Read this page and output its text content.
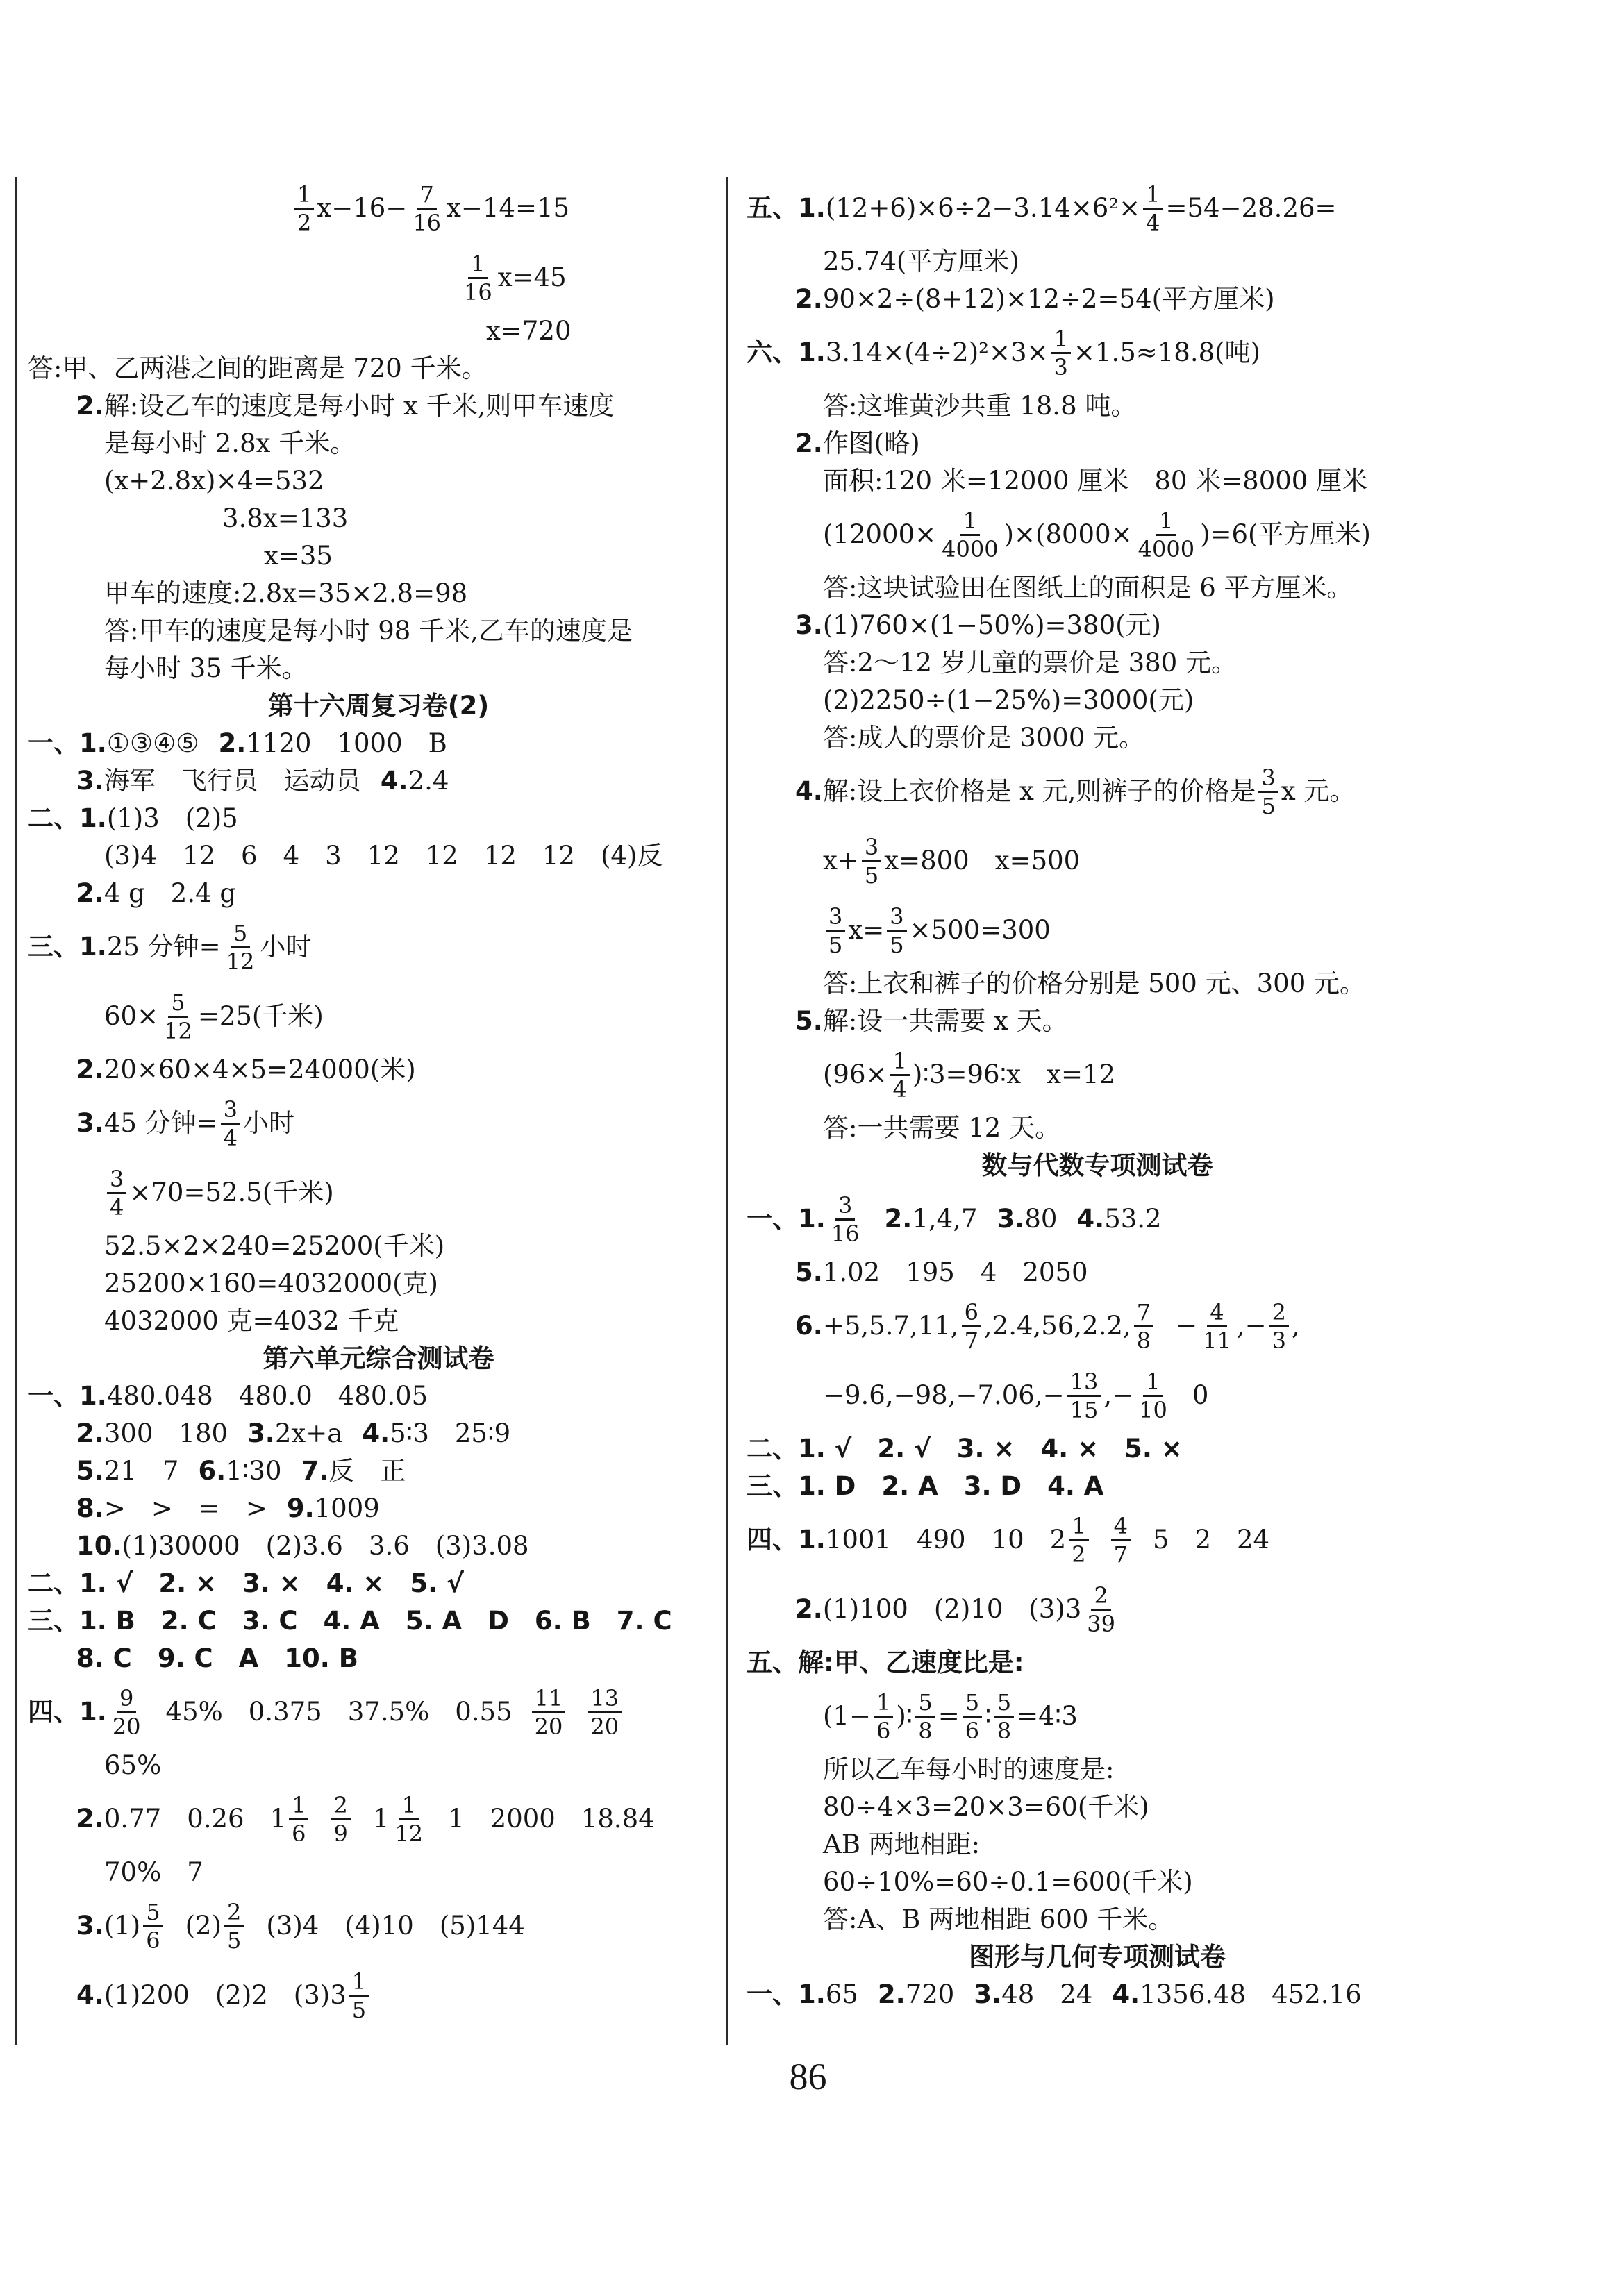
$\frac{1}{2} x-16- \frac{7}{16} x-14=15$
$\frac{1}{16} x=45$
x=720
答:甲、乙两港之间的距离是 720 千米。
2. 解:设乙车的速度是每小时 x 千米,则甲车速度
是每小时 2.8x 千米。
(x+2.8x)×4=532
3.8x=133
x=35
甲车的速度:2.8x=35×2.8=98
答:甲车的速度是每小时 98 千米,乙车的速度是
每小时 35 千米。
第十六周复习卷(2)
一、 1. ①③④⑤ 2. 1120　1000　B
3. 海军　飞行员　运动员 4. 2.4
二、1. (1)3　(2)5
(3)4　12　6　4　3　12　12　12　12　(4)反
2. 4 g　2.4 g
三、1. 25 分钟= $\frac{5}{12}$ 小时
$60\times \frac{5}{12} =25$(千米)
2. 20×60×4×5=24000(米)
3. 45 分钟= $\frac{3}{4}$ 小时
$\frac{3}{4} \times 70=52.5$(千米)
52.5×2×240=25200(千米)
25200×160=4032000(克)
4032000 克=4032 千克
第六单元综合测试卷
一、1. 480.048　480.0　480.05
2. 300　180 3. 2x+a 4. 5∶3　25∶9
5. 21　7 6. 1∶30 7. 反　正
8. >　>　=　> 9. 1009
10. (1)30000　(2)3.6　3.6　(3)3.08
二、1. √　2. ×　3. ×　4. ×　5. √
三、1. B　2. C　3. C　4. A　5. A　D　6. B　7. C
8. C　9. C　A　10. B
四、1. $\frac{9}{20} 45\%$　0.375　37.5%　$0.55 \frac{11}{20} \frac{13}{20}$
65%
2. 0.77　0.26　$1 \frac{1}{6} \frac{2}{9} 1 \frac{1}{12} 1$　2000　18.84
70%　7
3. $(1) \frac{5}{6} (2) \frac{2}{5} (3)4$　(4)10　(5)144
4. (1)200　(2)2　$(3)3 \frac{1}{5}$
五、1. $(12+6)\times 6\div 2-3.14\times 6^2\times \frac{1}{4} =54-28.26=$
25.74(平方厘米)
2. 90×2÷(8+12)×12÷2=54(平方厘米)
六、1. $3.14\times(4\div 2)^2\times 3\times \frac{1}{3} \times 1.5\approx 18.8$(吨)
答:这堆黄沙共重 18.8 吨。
2. 作图(略)
面积:120 米=12000 厘米　80 米=8000 厘米
$(12000\times \frac{1}{4000} )\times(8000\times \frac{1}{4000} )=6$(平方厘米)
答:这块试验田在图纸上的面积是 6 平方厘米。
3. (1)760×(1−50%)=380(元)
答:2～12 岁儿童的票价是 380 元。
(2)2250÷(1−25%)=3000(元)
答:成人的票价是 3000 元。
4. 解:设上衣价格是 x 元,则裤子的价格是 $\frac{3}{5}$ x 元。
$x+ \frac{3}{5} x=800$　x=500
$\frac{3}{5} x= \frac{3}{5} \times 500=300$
答:上衣和裤子的价格分别是 500 元、300 元。
5. 解:设一共需要 x 天。
($96\times \frac{1}{4}$ )∶3=96∶x　x=12
答:一共需要 12 天。
数与代数专项测试卷
一、1. $\frac{3}{16} 2$. 1,4,7 3. 80 4. 53.2
5. 1.02　195　4　2050
6. +5,5.7,11, $\frac{6}{7} ,2.4,56,2.2$, $\frac{7}{8} - \frac{4}{11}$ ,− $\frac{2}{3}$ ,
$-9.6,-98,-7.06,- \frac{13}{15}$ ,− $\frac{1}{10} 0$
二、1. √　2. √　3. ×　4. ×　5. ×
三、1. D　2. A　3. D　4. A
四、1. 1001　490　10　$2 \frac{1}{2} \frac{4}{7} 5$　2　24
2. (1)100　(2)10　$(3)3 \frac{2}{39}$
五、解:甲、乙速度比是:
($1- \frac{1}{6}$ )∶ $\frac{5}{8} = \frac{5}{6}$ ∶ $\frac{5}{8}$ =4∶3
所以乙车每小时的速度是:
80÷4×3=20×3=60(千米)
AB 两地相距:
60÷10%=60÷0.1=600(千米)
答:A、B 两地相距 600 千米。
图形与几何专项测试卷
一、1. 65 2. 720 3. 48　24 4. 1356.48　452.16
86
